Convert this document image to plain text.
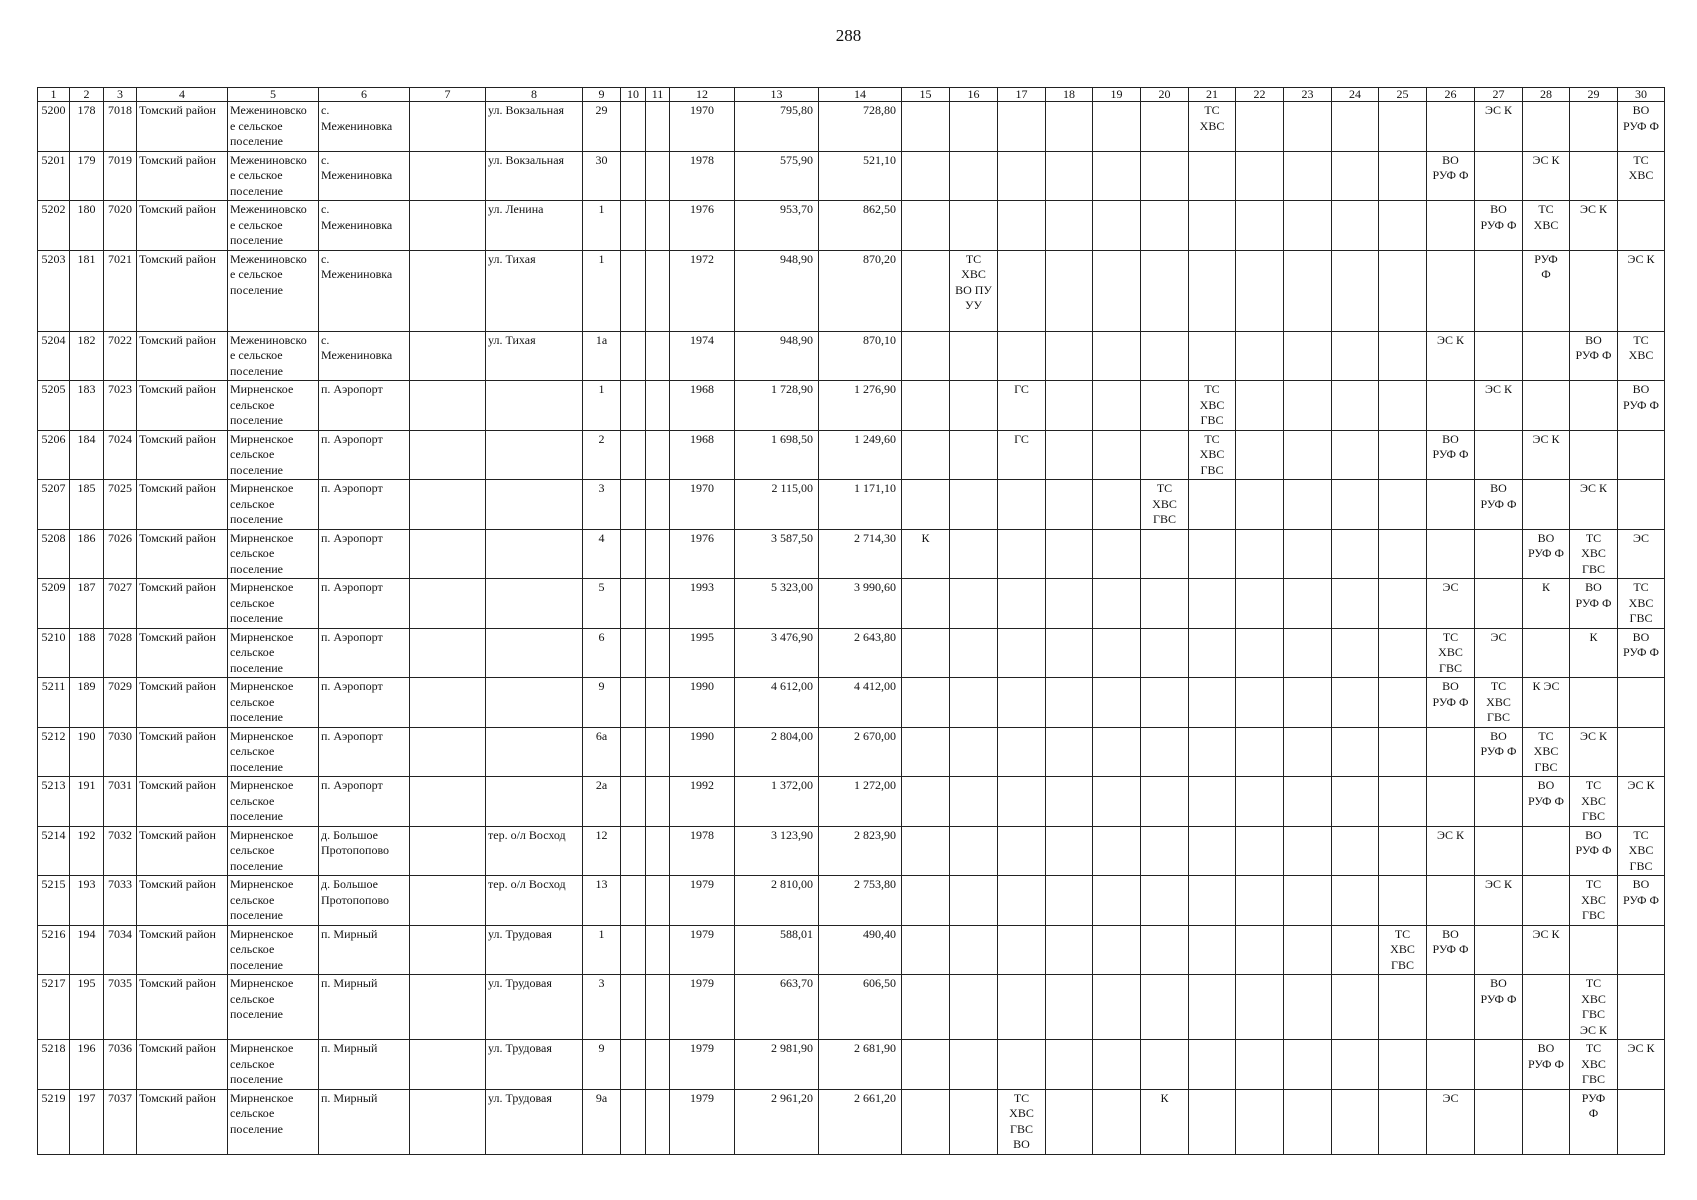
288
1	2	3	4	5	6	7	8	9	10	11	12	13	14	15	16	17	18	19	20	21	22	23	24	25	26	27	28	29	30
5200	178	7018	Томский район	Межениновско
е сельское
поселение	с.
Межениновка		ул. Вокзальная	29			1970	795,80	728,80							ТС
ХВС						ЭС К			ВО
РУФ Ф
5201	179	7019	Томский район	Межениновско
е сельское
поселение	с.
Межениновка		ул. Вокзальная	30			1978	575,90	521,10												ВО
РУФ Ф		ЭС К		ТС
ХВС
5202	180	7020	Томский район	Межениновско
е сельское
поселение	с.
Межениновка		ул. Ленина	1			1976	953,70	862,50													ВО
РУФ Ф	ТС
ХВС	ЭС К	
5203	181	7021	Томский район	Межениновско
е сельское
поселение	с.
Межениновка		ул. Тихая	1			1972	948,90	870,20		ТС
ХВС
ВО ПУ
УУ												РУФ
Ф		ЭС К
5204	182	7022	Томский район	Межениновско
е сельское
поселение	с.
Межениновка		ул. Тихая	1а			1974	948,90	870,10												ЭС К			ВО
РУФ Ф	ТС
ХВС
5205	183	7023	Томский район	Мирненское
сельское
поселение	п. Аэропорт			1			1968	1 728,90	1 276,90			ГС				ТС
ХВС
ГВС						ЭС К			ВО
РУФ Ф
5206	184	7024	Томский район	Мирненское
сельское
поселение	п. Аэропорт			2			1968	1 698,50	1 249,60			ГС				ТС
ХВС
ГВС					ВО
РУФ Ф		ЭС К		
5207	185	7025	Томский район	Мирненское
сельское
поселение	п. Аэропорт			3			1970	2 115,00	1 171,10						ТС
ХВС
ГВС							ВО
РУФ Ф		ЭС К	
5208	186	7026	Томский район	Мирненское
сельское
поселение	п. Аэропорт			4			1976	3 587,50	2 714,30	К													ВО
РУФ Ф	ТС
ХВС
ГВС	ЭС
5209	187	7027	Томский район	Мирненское
сельское
поселение	п. Аэропорт			5			1993	5 323,00	3 990,60												ЭС		К	ВО
РУФ Ф	ТС
ХВС
ГВС
5210	188	7028	Томский район	Мирненское
сельское
поселение	п. Аэропорт			6			1995	3 476,90	2 643,80												ТС
ХВС
ГВС	ЭС		К	ВО
РУФ Ф
5211	189	7029	Томский район	Мирненское
сельское
поселение	п. Аэропорт			9			1990	4 612,00	4 412,00												ВО
РУФ Ф	ТС
ХВС
ГВС	К ЭС		
5212	190	7030	Томский район	Мирненское
сельское
поселение	п. Аэропорт			6а			1990	2 804,00	2 670,00													ВО
РУФ Ф	ТС
ХВС
ГВС	ЭС К	
5213	191	7031	Томский район	Мирненское
сельское
поселение	п. Аэропорт			2а			1992	1 372,00	1 272,00														ВО
РУФ Ф	ТС
ХВС
ГВС	ЭС К
5214	192	7032	Томский район	Мирненское
сельское
поселение	д. Большое
Протопопово		тер. о/л Восход	12			1978	3 123,90	2 823,90												ЭС К			ВО
РУФ Ф	ТС
ХВС
ГВС
5215	193	7033	Томский район	Мирненское
сельское
поселение	д. Большое
Протопопово		тер. о/л Восход	13			1979	2 810,00	2 753,80													ЭС К		ТС
ХВС
ГВС	ВО
РУФ Ф
5216	194	7034	Томский район	Мирненское
сельское
поселение	п. Мирный		ул. Трудовая	1			1979	588,01	490,40											ТС
ХВС
ГВС	ВО
РУФ Ф		ЭС К		
5217	195	7035	Томский район	Мирненское
сельское
поселение	п. Мирный		ул. Трудовая	3			1979	663,70	606,50													ВО
РУФ Ф		ТС
ХВС
ГВС
ЭС К	
5218	196	7036	Томский район	Мирненское
сельское
поселение	п. Мирный		ул. Трудовая	9			1979	2 981,90	2 681,90														ВО
РУФ Ф	ТС
ХВС
ГВС	ЭС К
5219	197	7037	Томский район	Мирненское
сельское
поселение	п. Мирный		ул. Трудовая	9а			1979	2 961,20	2 661,20			ТС
ХВС
ГВС
ВО			К						ЭС			РУФ
Ф	
